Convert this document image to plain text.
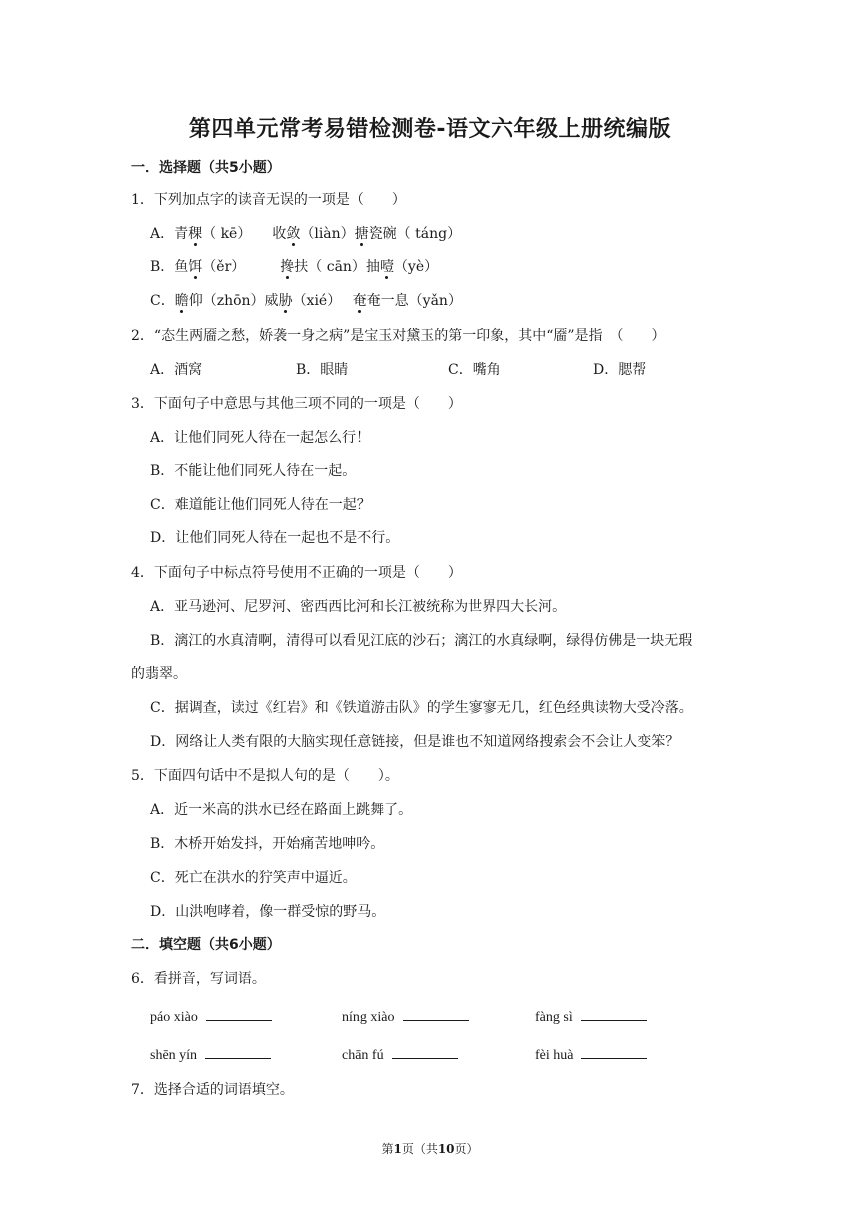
第四单元常考易错检测卷-语文六年级上册统编版
一．选择题（共5小题）
1．下列加点字的读音无误的一项是（　　）
A．青稞（ kē）　　收敛（liàn）搪瓷碗（ táng）
B．鱼饵（ěr）　　　搀扶（ cān）抽噎（yè）
C．瞻仰（zhōn）威胁（xié）　 奄奄一息（yǎn）
2．“态生两靥之愁，娇袭一身之病”是宝玉对黛玉的第一印象，其中“靥”是指　（　　）
A．酒窝	B．眼睛	C．嘴角	D．腮帮
3．下面句子中意思与其他三项不同的一项是（　　）
A．让他们同死人待在一起怎么行！
B．不能让他们同死人待在一起。
C．难道能让他们同死人待在一起？
D．让他们同死人待在一起也不是不行。
4．下面句子中标点符号使用不正确的一项是（　　）
A．亚马逊河、尼罗河、密西西比河和长江被统称为世界四大长河。
B．漓江的水真清啊，清得可以看见江底的沙石；漓江的水真绿啊，绿得仿佛是一块无瑕
的翡翠。
C．据调查，读过《红岩》和《铁道游击队》的学生寥寥无几，红色经典读物大受冷落。
D．网络让人类有限的大脑实现任意链接，但是谁也不知道网络搜索会不会让人变笨？
5．下面四句话中不是拟人句的是（　　）。
A．近一米高的洪水已经在路面上跳舞了。
B．木桥开始发抖，开始痛苦地呻吟。
C．死亡在洪水的狞笑声中逼近。
D．山洪咆哮着，像一群受惊的野马。
二．填空题（共6小题）
6．看拼音，写词语。
páo xiào	níng xiào	fàng sì
shēn yín	chān fú	fèi huà
7．选择合适的词语填空。
第1页（共10页）
